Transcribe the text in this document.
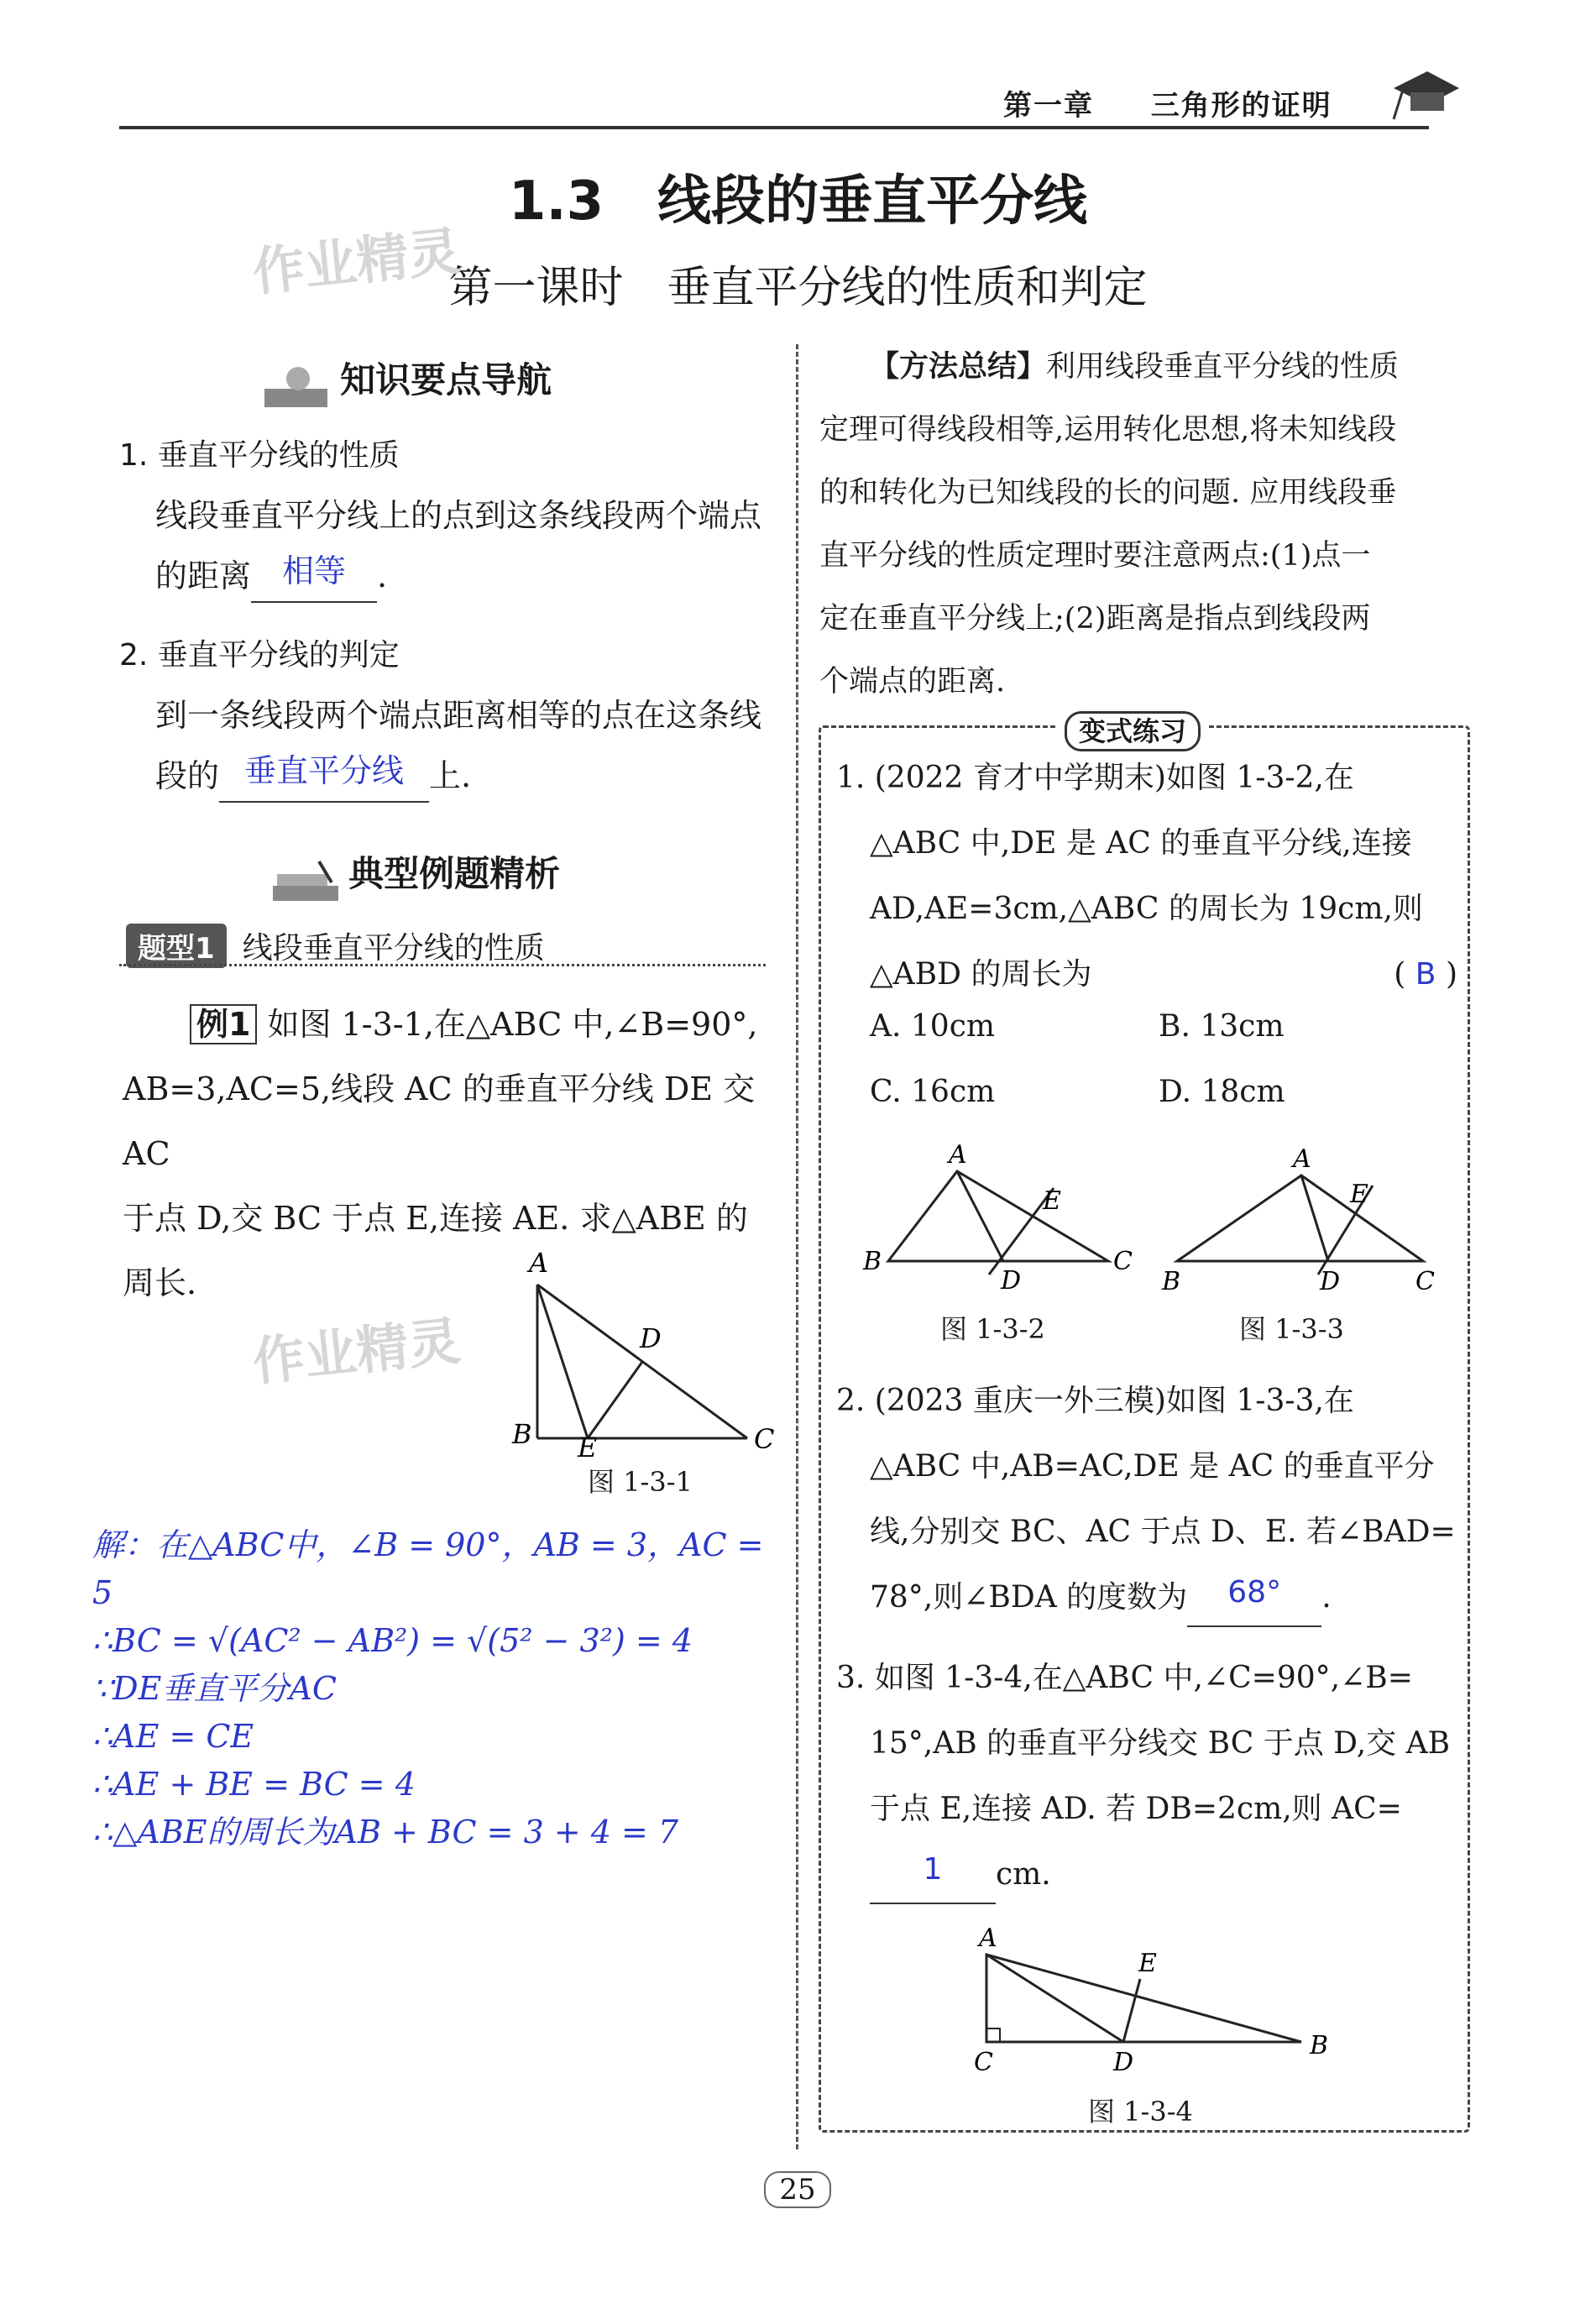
第一章 三角形的证明
1.3　线段的垂直平分线
第一课时　垂直平分线的性质和判定
作业精灵
知识要点导航
1. 垂直平分线的性质
线段垂直平分线上的点到这条线段两个端点
的距离 相等 .
2. 垂直平分线的判定
到一条线段两个端点距离相等的点在这条线
段的 垂直平分线 上.
典型例题精析
题型1 线段垂直平分线的性质
例1 如图 1-3-1,在△ABC 中,∠B=90°,
AB=3,AC=5,线段 AC 的垂直平分线 DE 交 AC
于点 D,交 BC 于点 E,连接 AE. 求△ABE 的
周长.
作业精灵
A
B	C
D
E
图 1-3-1
解：在△ABC中，∠B = 90°，AB = 3，AC = 5
∴BC = √(AC² − AB²) = √(5² − 3²) = 4
∵DE垂直平分AC
∴AE = CE
∴AE + BE = BC = 4
∴△ABE的周长为AB + BC = 3 + 4 = 7
【方法总结】利用线段垂直平分线的性质
定理可得线段相等,运用转化思想,将未知线段
的和转化为已知线段的长的问题. 应用线段垂
直平分线的性质定理时要注意两点:(1)点一
定在垂直平分线上;(2)距离是指点到线段两
个端点的距离.
变式练习
1. (2022 育才中学期末)如图 1-3-2,在
△ABC 中,DE 是 AC 的垂直平分线,连接
AD,AE=3cm,△ABC 的周长为 19cm,则
△ABD 的周长为	( B )
A. 10cm	B. 13cm
C. 16cm	D. 18cm
A
B	C
D
E
图 1-3-2
A
B	C
D
E
图 1-3-3
2. (2023 重庆一外三模)如图 1-3-3,在
△ABC 中,AB=AC,DE 是 AC 的垂直平分
线,分别交 BC、AC 于点 D、E. 若∠BAD=
78°,则∠BDA 的度数为 68° .
3. 如图 1-3-4,在△ABC 中,∠C=90°,∠B=
15°,AB 的垂直平分线交 BC 于点 D,交 AB
于点 E,连接 AD. 若 DB=2cm,则 AC=
1 cm.
A
C	D
E
B
图 1-3-4
25
